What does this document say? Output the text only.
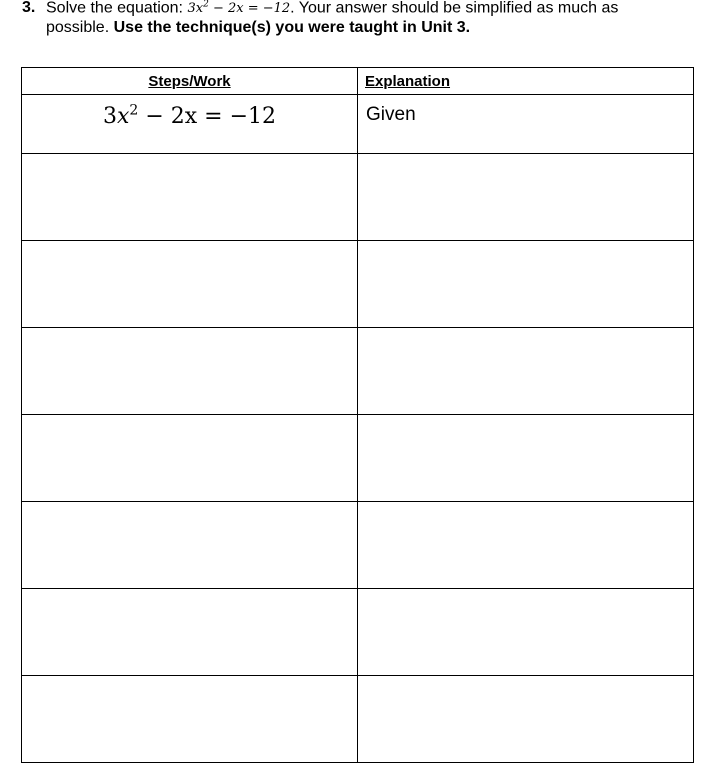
3. Solve the equation: $3x^2 - 2x = -12$. Your answer should be simplified as much as
possible. Use the technique(s) you were taught in Unit 3.
Steps/Work	Explanation
$3x^2 - 2x = -12$	Given
